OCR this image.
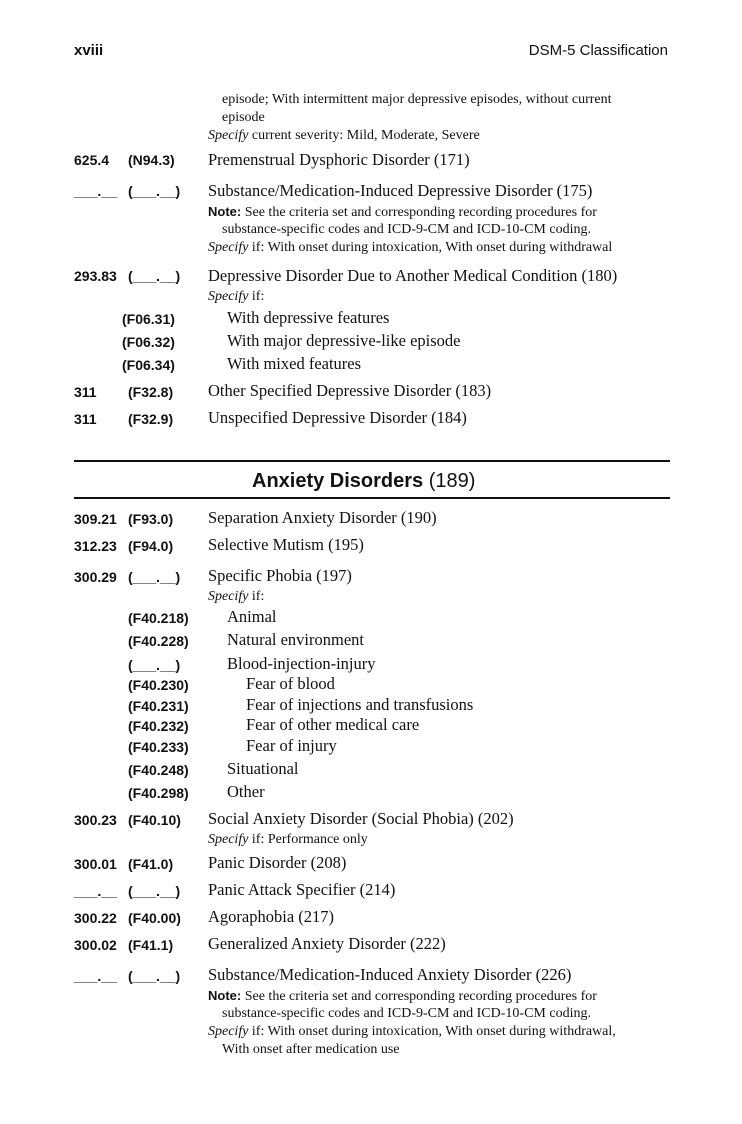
xviii	DSM-5 Classification
episode; With intermittent major depressive episodes, without current
episode
Specify current severity: Mild, Moderate, Severe
625.4 (N94.3) Premenstrual Dysphoric Disorder (171)
___.__ (___.__) Substance/Medication-Induced Depressive Disorder (175)
Note: See the criteria set and corresponding recording procedures for
substance-specific codes and ICD-9-CM and ICD-10-CM coding.
Specify if: With onset during intoxication, With onset during withdrawal
293.83 (___.__) Depressive Disorder Due to Another Medical Condition (180)
Specify if:
(F06.31)	With depressive features
(F06.32)	With major depressive-like episode
(F06.34)	With mixed features
311 (F32.8) Other Specified Depressive Disorder (183)
311 (F32.9) Unspecified Depressive Disorder (184)
Anxiety Disorders (189)
309.21 (F93.0) Separation Anxiety Disorder (190)
312.23 (F94.0) Selective Mutism (195)
300.29 (___.__) Specific Phobia (197)
Specify if:
(F40.218) Animal
(F40.228) Natural environment
(___.__)	Blood-injection-injury
(F40.230)	Fear of blood
(F40.231)	Fear of injections and transfusions
(F40.232)	Fear of other medical care
(F40.233)	Fear of injury
(F40.248) Situational
(F40.298) Other
300.23 (F40.10) Social Anxiety Disorder (Social Phobia) (202)
Specify if: Performance only
300.01 (F41.0) Panic Disorder (208)
___.__ (___.__) Panic Attack Specifier (214)
300.22 (F40.00) Agoraphobia (217)
300.02 (F41.1) Generalized Anxiety Disorder (222)
___.__ (___.__) Substance/Medication-Induced Anxiety Disorder (226)
Note: See the criteria set and corresponding recording procedures for
substance-specific codes and ICD-9-CM and ICD-10-CM coding.
Specify if: With onset during intoxication, With onset during withdrawal,
With onset after medication use
